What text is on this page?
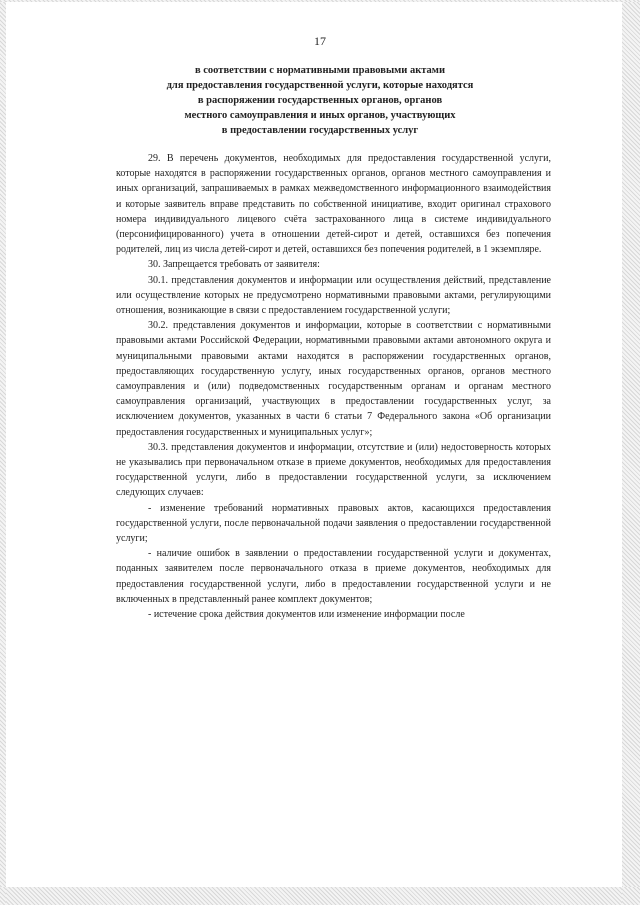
17
в соответствии с нормативными правовыми актами
для предоставления государственной услуги, которые находятся
в распоряжении государственных органов, органов
местного самоуправления и иных органов, участвующих
в предоставлении государственных услуг

29. В перечень документов, необходимых для предоставления государственной услуги, которые находятся в распоряжении государственных органов, органов местного самоуправления и иных организаций, запрашиваемых в рамках межведомственного информационного взаимодействия и которые заявитель вправе представить по собственной инициативе, входит оригинал страхового номера индивидуального лицевого счёта застрахованного лица в системе индивидуального (персонифицированного) учета в отношении детей-сирот и детей, оставшихся без попечения родителей, лиц из числа детей-сирот и детей, оставшихся без попечения родителей, в 1 экземпляре.

30. Запрещается требовать от заявителя:

30.1. представления документов и информации или осуществления действий, представление или осуществление которых не предусмотрено нормативными правовыми актами, регулирующими отношения, возникающие в связи с предоставлением государственной услуги;

30.2. представления документов и информации, которые в соответствии с нормативными правовыми актами Российской Федерации, нормативными правовыми актами автономного округа и муниципальными правовыми актами находятся в распоряжении государственных органов, предоставляющих государственную услугу, иных государственных органов, органов местного самоуправления и (или) подведомственных государственным органам и органам местного самоуправления организаций, участвующих в предоставлении государственных услуг, за исключением документов, указанных в части 6 статьи 7 Федерального закона «Об организации предоставления государственных и муниципальных услуг»;

30.3. представления документов и информации, отсутствие и (или) недостоверность которых не указывались при первоначальном отказе в приеме документов, необходимых для предоставления государственной услуги, либо в предоставлении государственной услуги, за исключением следующих случаев:

- изменение требований нормативных правовых актов, касающихся предоставления государственной услуги, после первоначальной подачи заявления о предоставлении государственной услуги;

- наличие ошибок в заявлении о предоставлении государственной услуги и документах, поданных заявителем после первоначального отказа в приеме документов, необходимых для предоставления государственной услуги, либо в предоставлении государственной услуги и не включенных в представленный ранее комплект документов;

- истечение срока действия документов или изменение информации после
